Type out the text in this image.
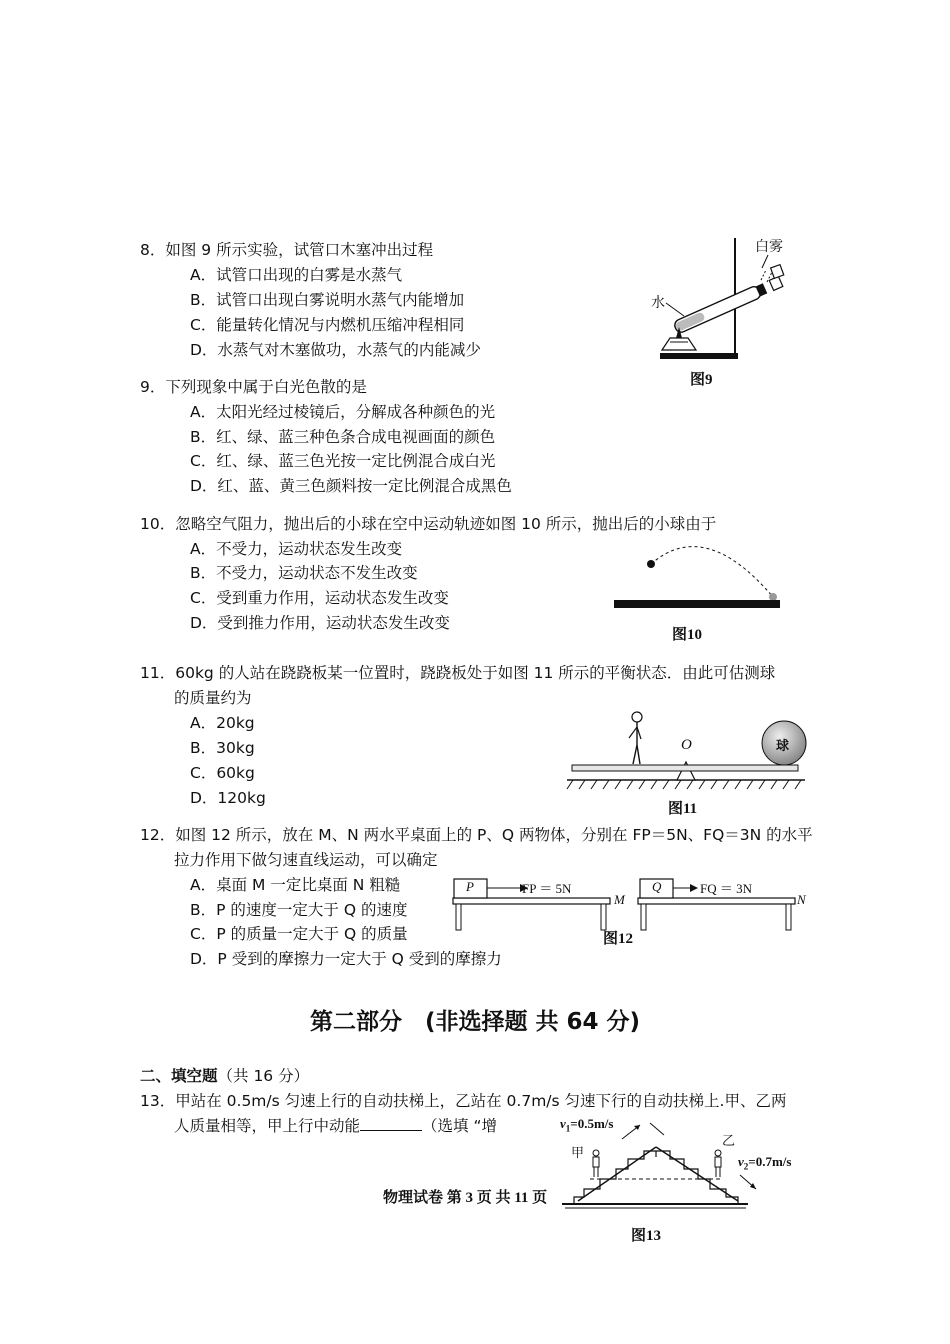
8．如图 9 所示实验，试管口木塞冲出过程
A．试管口出现的白雾是水蒸气
B．试管口出现白雾说明水蒸气内能增加
C．能量转化情况与内燃机压缩冲程相同
D．水蒸气对木塞做功，水蒸气的内能减少
白雾
水
图9
9．下列现象中属于白光色散的是
A．太阳光经过棱镜后，分解成各种颜色的光
B．红、绿、蓝三种色条合成电视画面的颜色
C．红、绿、蓝三色光按一定比例混合成白光
D．红、蓝、黄三色颜料按一定比例混合成黑色
10．忽略空气阻力，抛出后的小球在空中运动轨迹如图 10 所示，抛出后的小球由于
A．不受力，运动状态发生改变
B．不受力，运动状态不发生改变
C．受到重力作用，运动状态发生改变
D．受到推力作用，运动状态发生改变
图10
11．60kg 的人站在跷跷板某一位置时，跷跷板处于如图 11 所示的平衡状态．由此可估测球
的质量约为
A．20kg
B．30kg
C．60kg
D．120kg
O	球
图11
12．如图 12 所示，放在 M、N 两水平桌面上的 P、Q 两物体，分别在 FP＝5N、FQ＝3N 的水平
拉力作用下做匀速直线运动，可以确定
A．桌面 M 一定比桌面 N 粗糙
B．P 的速度一定大于 Q 的速度
C．P 的质量一定大于 Q 的质量
D．P 受到的摩擦力一定大于 Q 受到的摩擦力
P	Q
FP ＝ 5N	FQ ＝ 3N
M	N
图12
第二部分　(非选择题 共 64 分)
二、填空题（共 16 分）
13．甲站在 0.5m/s 匀速上行的自动扶梯上，乙站在 0.7m/s 匀速下行的自动扶梯上.甲、乙两
人质量相等，甲上行中动能	（选填 “增	$v_1=0.5m/s$
$v_2=0.7m/s$
甲
乙
图13
物理试卷 第 3 页 共 11 页
